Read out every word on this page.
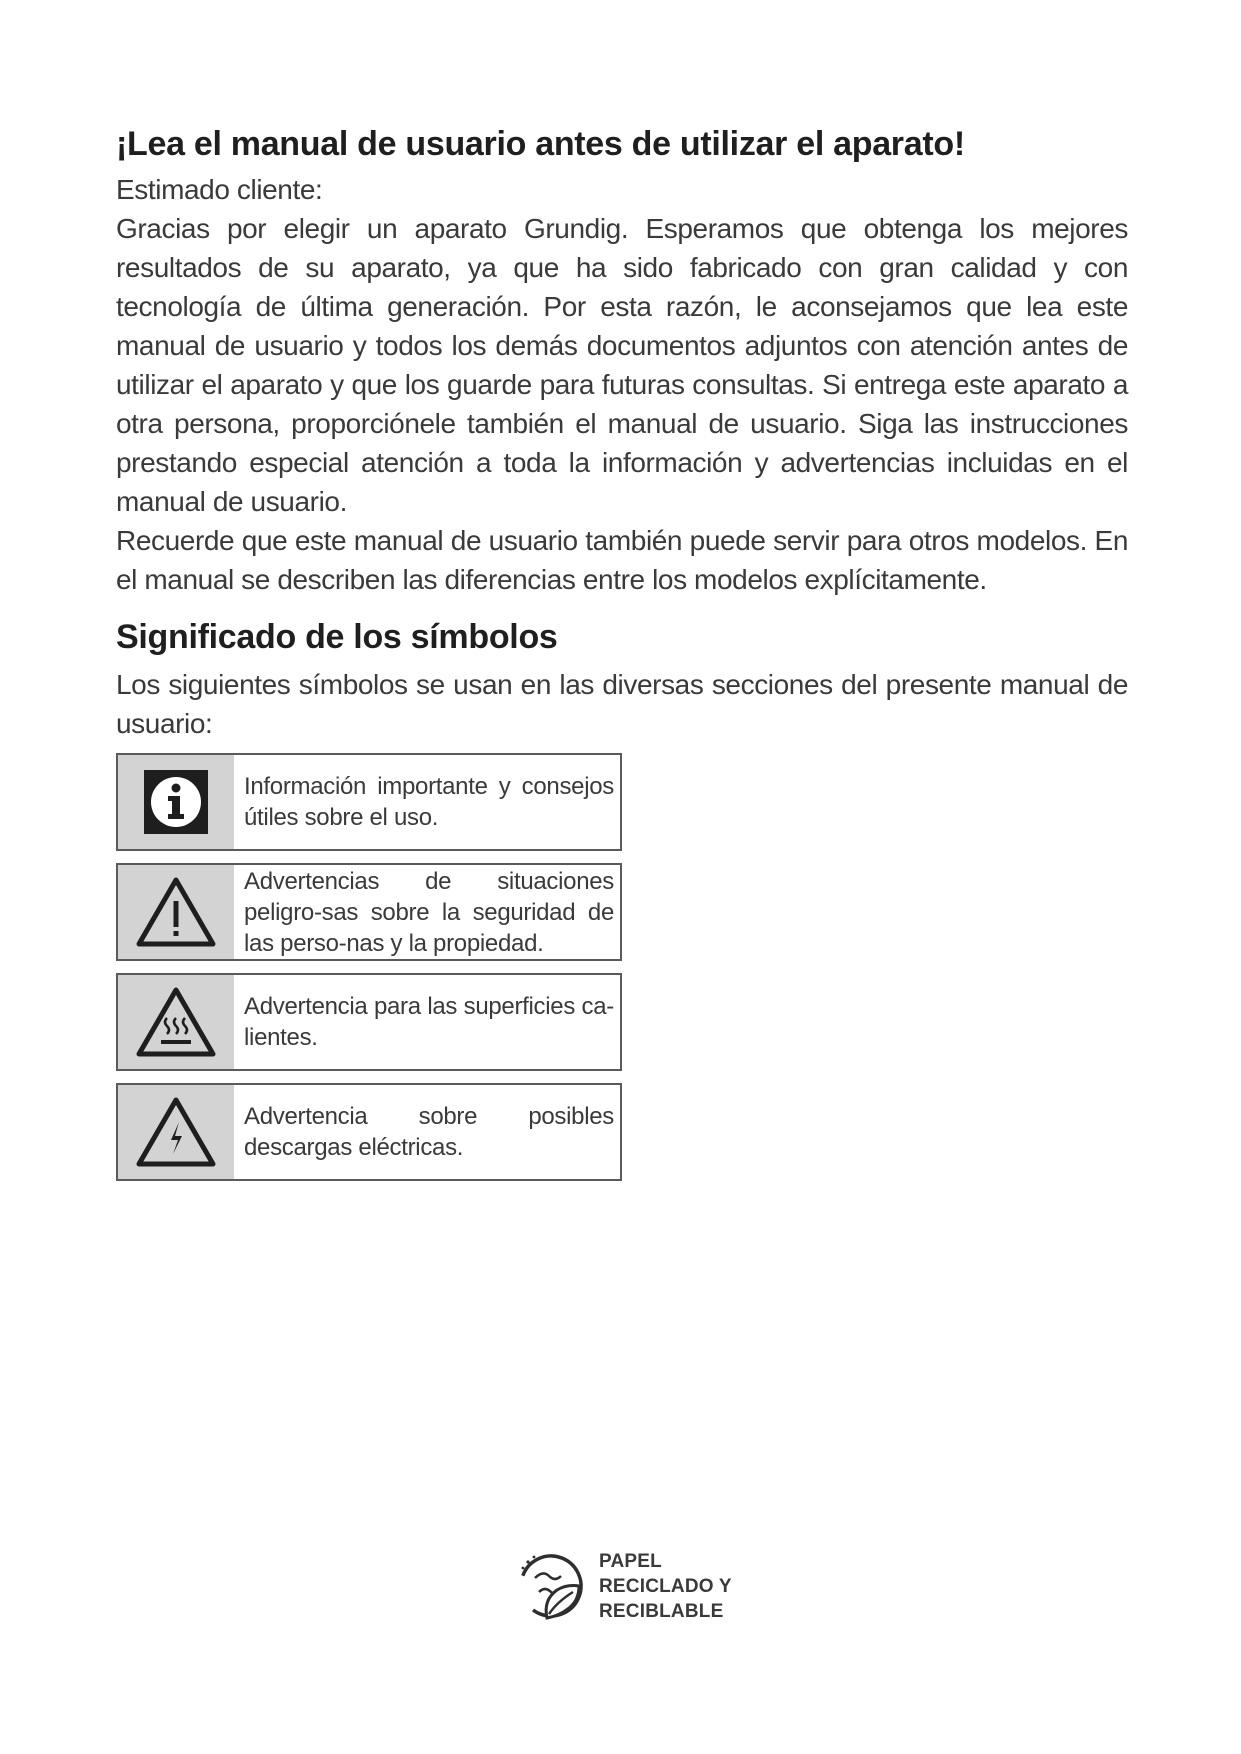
¡Lea el manual de usuario antes de utilizar el aparato!

Estimado cliente:

Gracias por elegir un aparato Grundig. Esperamos que obtenga los mejores resultados de su aparato, ya que ha sido fabricado con gran calidad y con tecnología de última generación. Por esta razón, le aconsejamos que lea este manual de usuario y todos los demás documentos adjuntos con atención antes de utilizar el aparato y que los guarde para futuras consultas. Si entrega este aparato a otra persona, proporciónele también el manual de usuario. Siga las instrucciones prestando especial atención a toda la información y advertencias incluidas en el manual de usuario.

Recuerde que este manual de usuario también puede servir para otros modelos. En el manual se describen las diferencias entre los modelos explícitamente.

Significado de los símbolos

Los siguientes símbolos se usan en las diversas secciones del presente manual de usuario:

Información importante y consejos útiles sobre el uso.
Advertencias de situaciones peligro-sas sobre la seguridad de las perso-nas y la propiedad.
Advertencia para las superficies ca-lientes.
Advertencia sobre posibles descargas eléctricas.
PAPEL
RECICLADO Y
RECIBLABLE
